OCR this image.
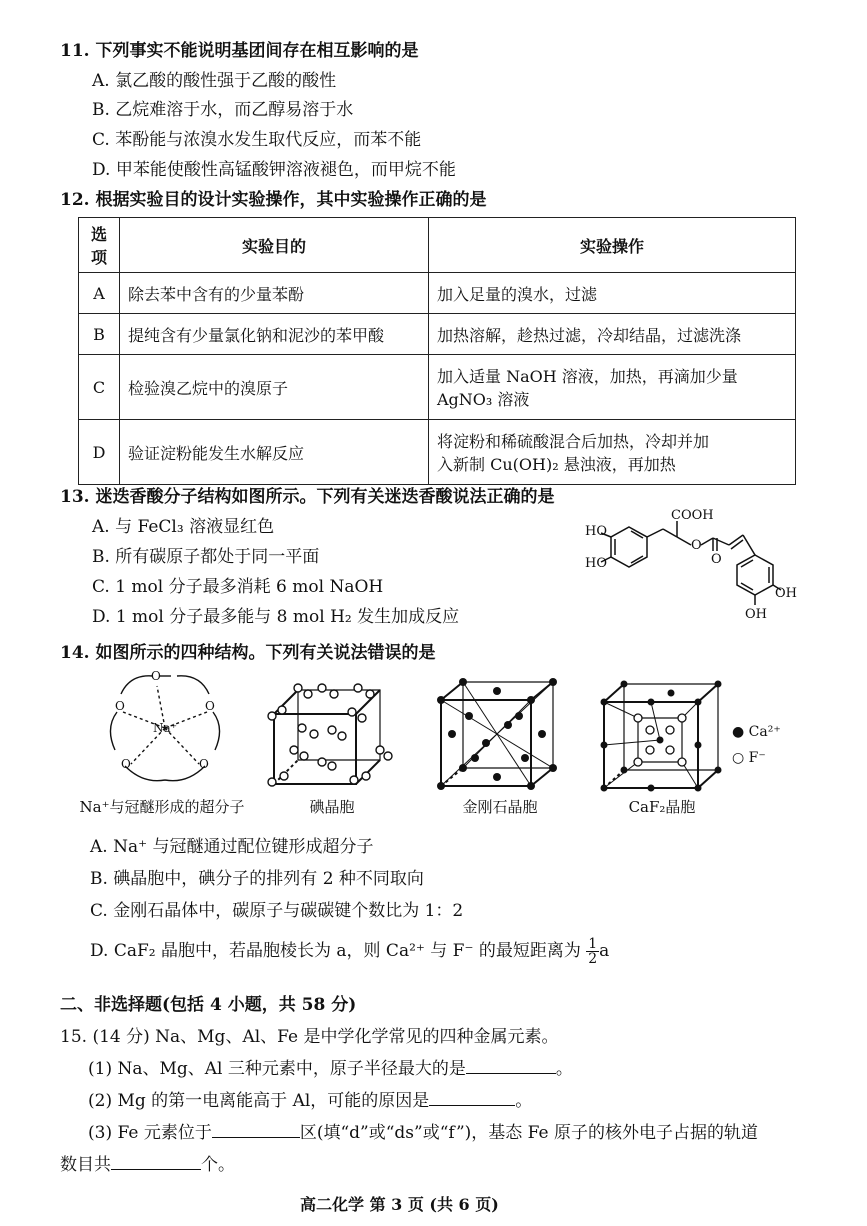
11. 下列事实不能说明基团间存在相互影响的是
A. 氯乙酸的酸性强于乙酸的酸性
B. 乙烷难溶于水，而乙醇易溶于水
C. 苯酚能与浓溴水发生取代反应，而苯不能
D. 甲苯能使酸性高锰酸钾溶液褪色，而甲烷不能
12. 根据实验目的设计实验操作，其中实验操作正确的是
选项	实验目的	实验操作
A	除去苯中含有的少量苯酚	加入足量的溴水，过滤
B	提纯含有少量氯化钠和泥沙的苯甲酸	加热溶解，趁热过滤，冷却结晶，过滤洗涤
C	检验溴乙烷中的溴原子	加入适量 NaOH 溶液，加热，再滴加少量
AgNO₃ 溶液

D	验证淀粉能发生水解反应	将淀粉和稀硫酸混合后加热，冷却并加
入新制 Cu(OH)₂ 悬浊液，再加热
13. 迷迭香酸分子结构如图所示。下列有关迷迭香酸说法正确的是
A. 与 FeCl₃ 溶液显红色
B. 所有碳原子都处于同一平面
C. 1 mol 分子最多消耗 6 mol NaOH
D. 1 mol 分子最多能与 8 mol H₂ 发生加成反应
COOH
HO
HO
O
O
OH
OH
14. 如图所示的四种结构。下列有关说法错误的是
O
O	O
O	O
Na⁺
Na⁺与冠醚形成的超分子	碘晶胞	金刚石晶胞
● Ca²⁺
○ F⁻
CaF₂晶胞
A. Na⁺ 与冠醚通过配位键形成超分子
B. 碘晶胞中，碘分子的排列有 2 种不同取向
C. 金刚石晶体中，碳原子与碳碳键个数比为 1：2
D. CaF₂ 晶胞中，若晶胞棱长为 a，则 Ca²⁺ 与 F⁻ 的最短距离为 $\frac{1}{2}$ a
二、非选择题(包括 4 小题，共 58 分)
15. (14 分) Na、Mg、Al、Fe 是中学化学常见的四种金属元素。
(1) Na、Mg、Al 三种元素中，原子半径最大的是	。
(2) Mg 的第一电离能高于 Al，可能的原因是	。
(3) Fe 元素位于	区(填“d”或“ds”或“f”)，基态 Fe 原子的核外电子占据的轨道
数目共	个。
高二化学 第 3 页 (共 6 页)
